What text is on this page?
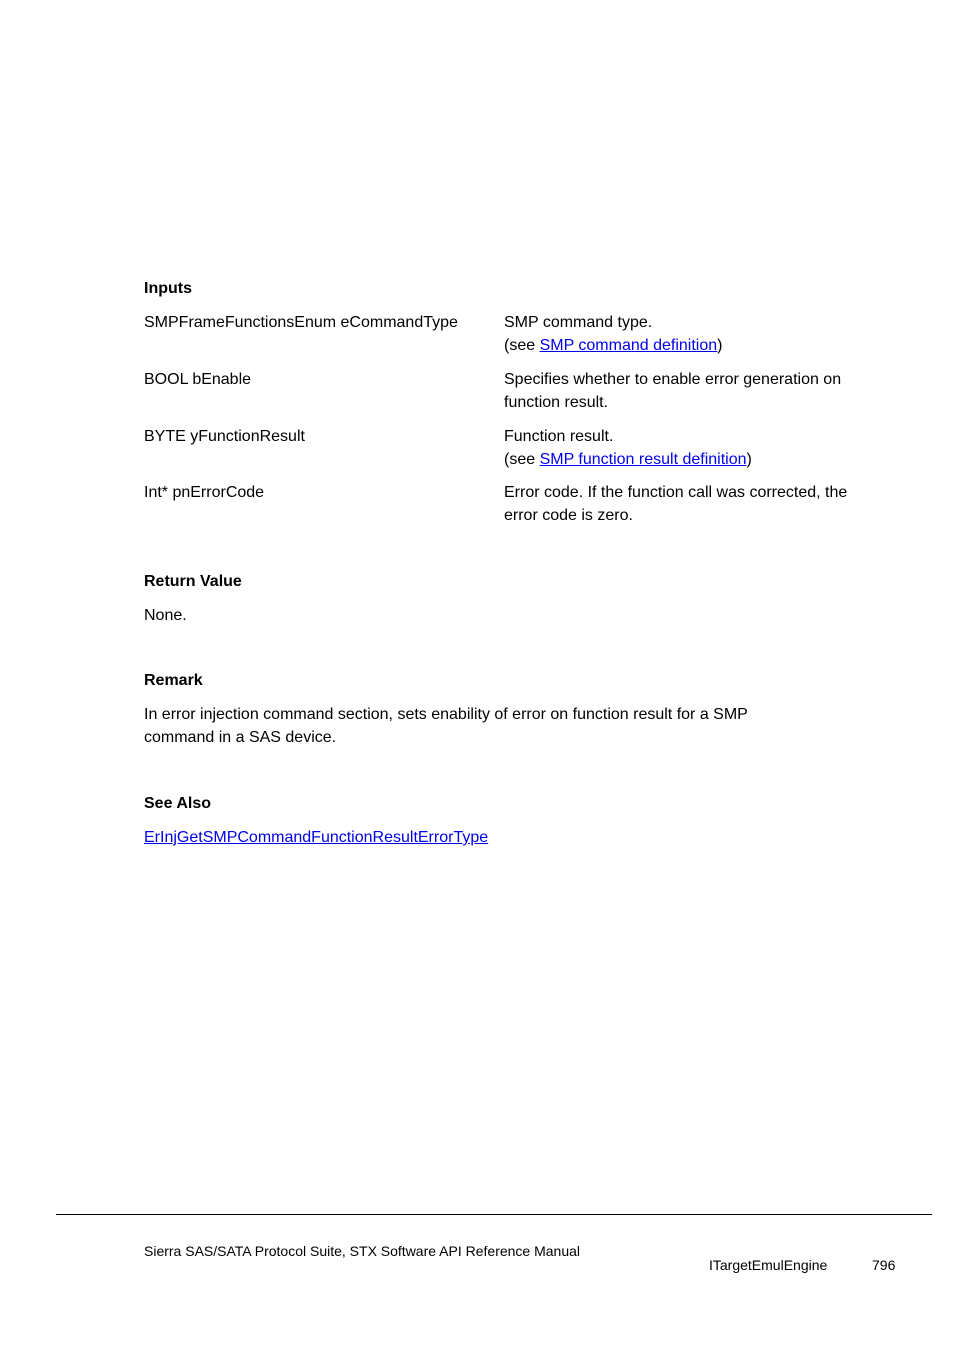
Inputs

SMPFrameFunctionsEnum eCommandType	SMP command type.
(see SMP command definition)

BOOL bEnable	Specifies whether to enable error generation on
function result.

BYTE yFunctionResult	Function result.
(see SMP function result definition)

Int* pnErrorCode	Error code. If the function call was corrected, the
error code is zero.

Return Value

None.

Remark

In error injection command section, sets enability of error on function result for a SMP
command in a SAS device.

See Also

ErInjGetSMPCommandFunctionResultErrorType

Sierra SAS/SATA Protocol Suite, STX Software API Reference Manual

ITargetEmulEngine	796
